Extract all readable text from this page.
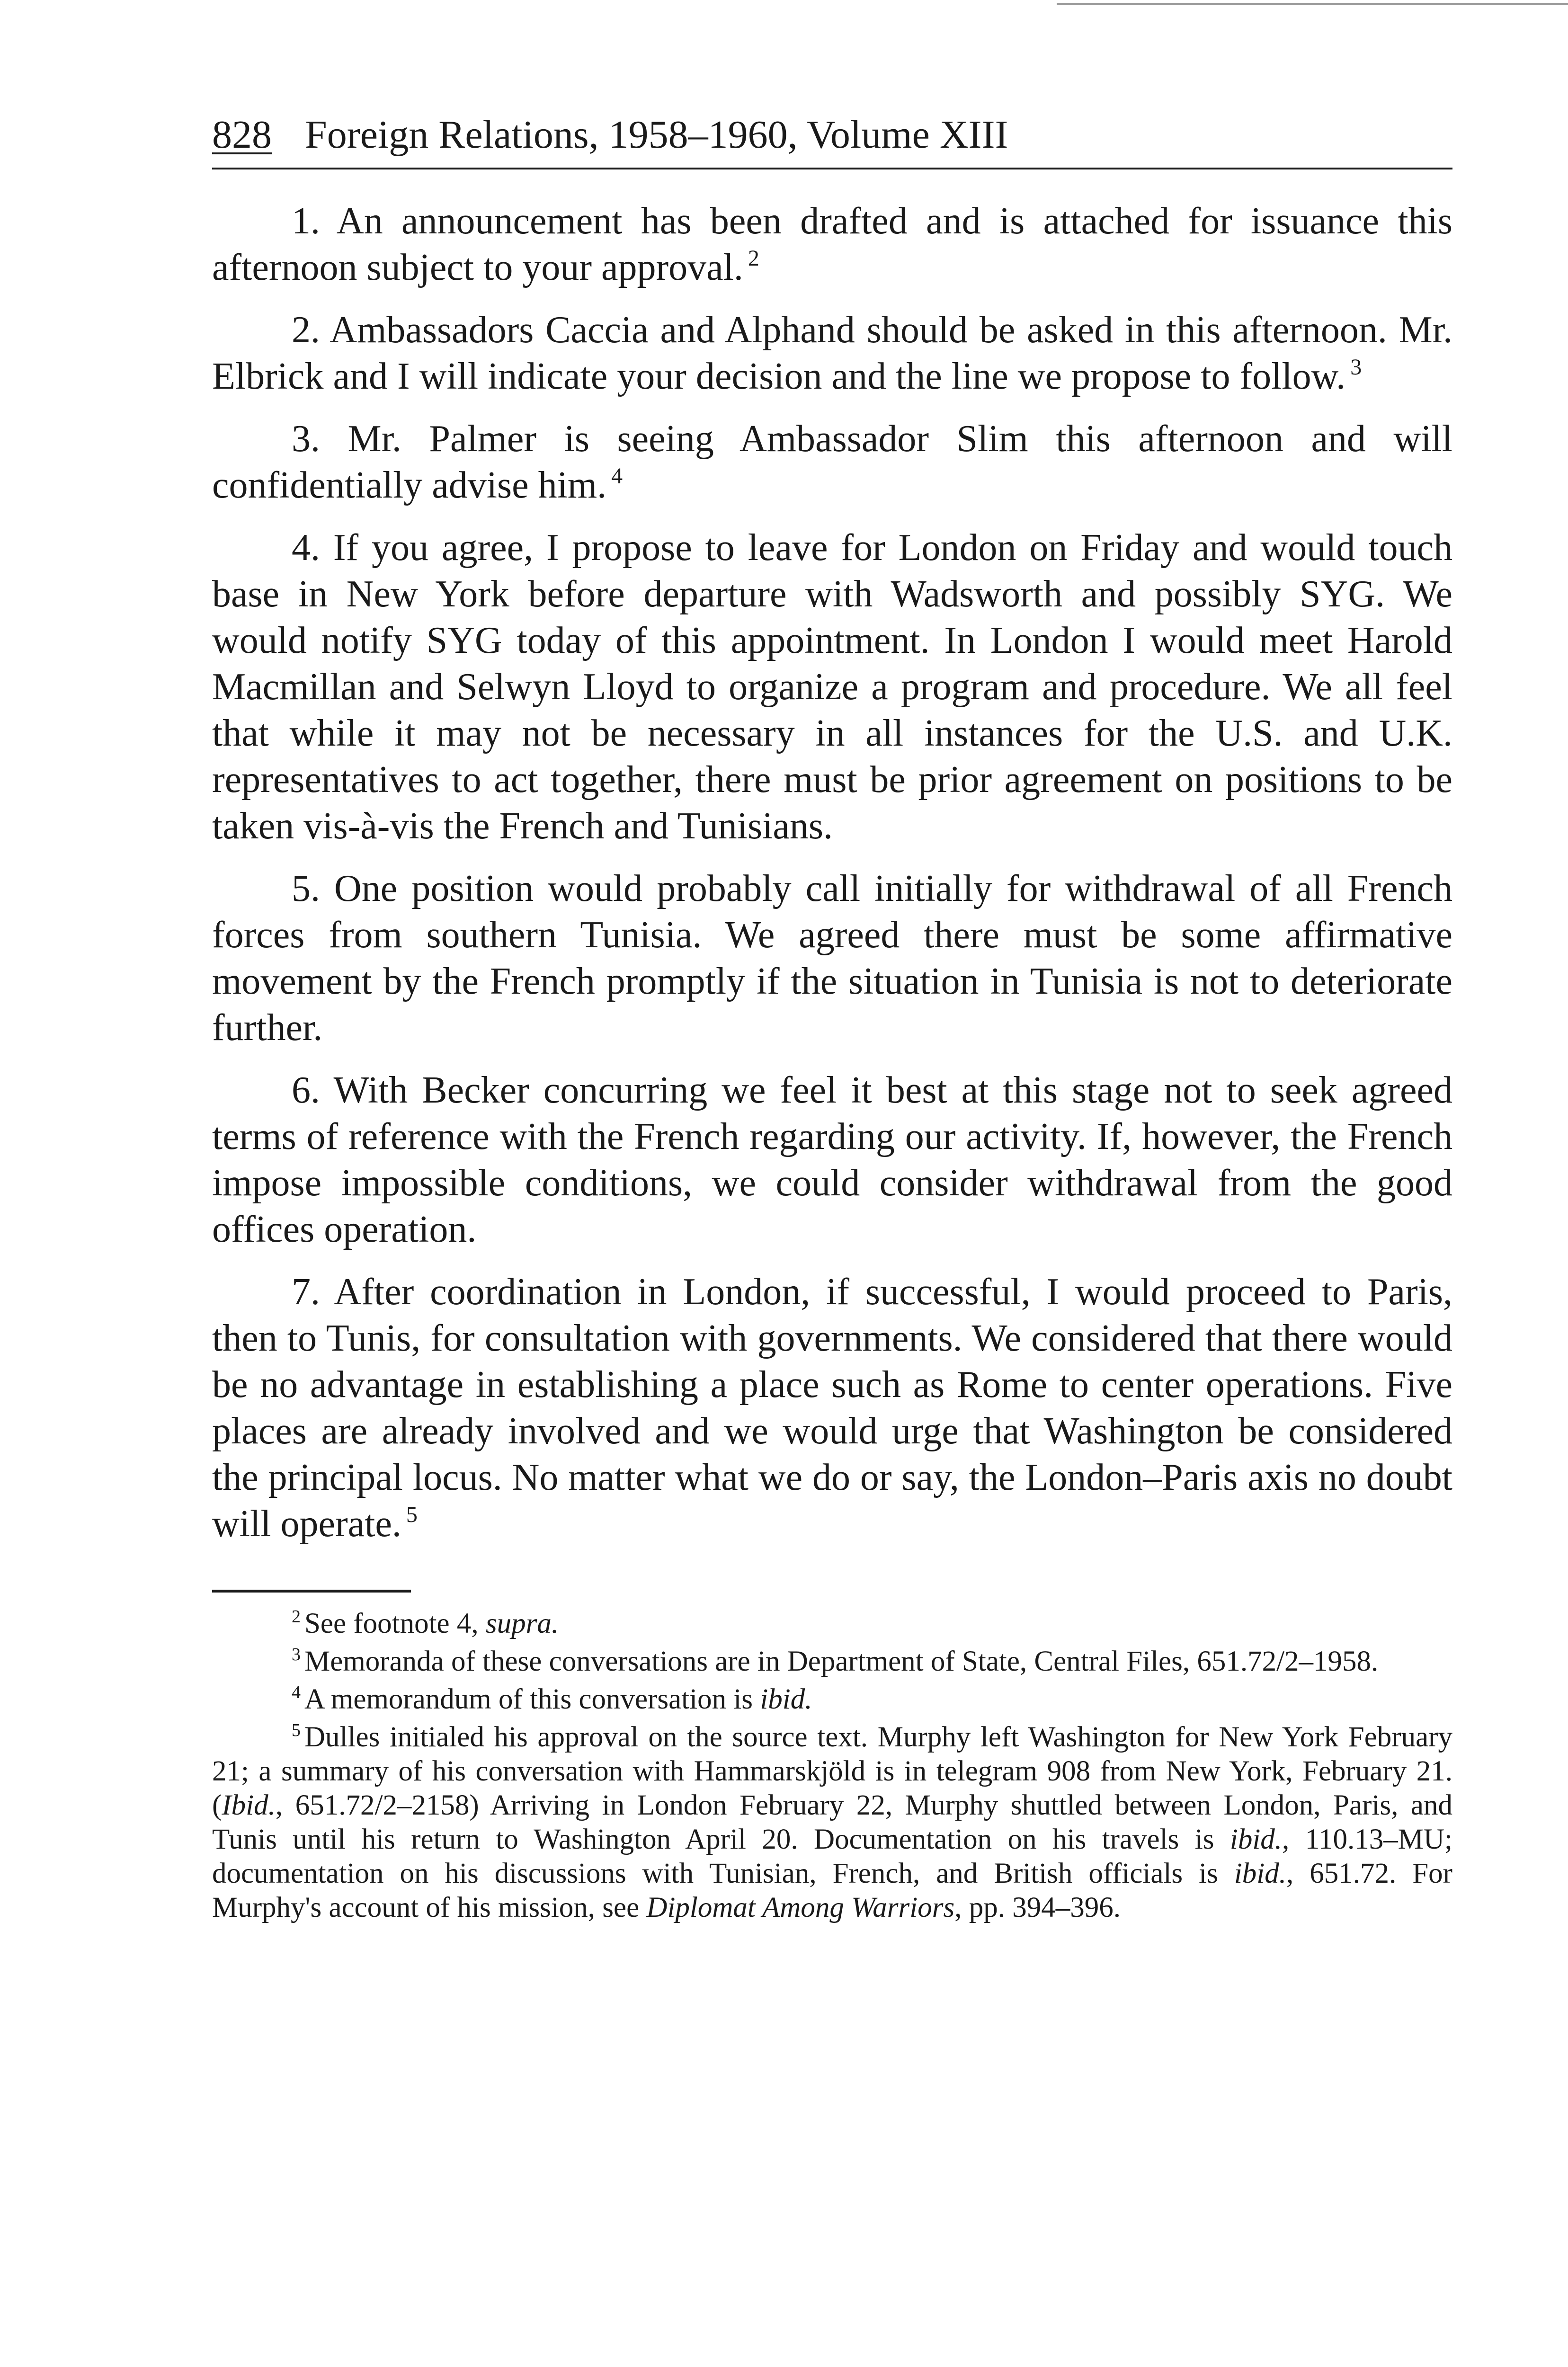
828 Foreign Relations, 1958–1960, Volume XIII

1. An announcement has been drafted and is attached for issuance this afternoon subject to your approval. $^2$

2. Ambassadors Caccia and Alphand should be asked in this afternoon. Mr. Elbrick and I will indicate your decision and the line we propose to follow. $^3$

3. Mr. Palmer is seeing Ambassador Slim this afternoon and will confidentially advise him. $^4$

4. If you agree, I propose to leave for London on Friday and would touch base in New York before departure with Wadsworth and possibly SYG. We would notify SYG today of this appointment. In London I would meet Harold Macmillan and Selwyn Lloyd to organize a program and procedure. We all feel that while it may not be necessary in all instances for the U.S. and U.K. representatives to act together, there must be prior agreement on positions to be taken vis-à-vis the French and Tunisians.

5. One position would probably call initially for withdrawal of all French forces from southern Tunisia. We agreed there must be some affirmative movement by the French promptly if the situation in Tunisia is not to deteriorate further.

6. With Becker concurring we feel it best at this stage not to seek agreed terms of reference with the French regarding our activity. If, however, the French impose impossible conditions, we could consider withdrawal from the good offices operation.

7. After coordination in London, if successful, I would proceed to Paris, then to Tunis, for consultation with governments. We considered that there would be no advantage in establishing a place such as Rome to center operations. Five places are already involved and we would urge that Washington be considered the principal locus. No matter what we do or say, the London–Paris axis no doubt will operate. $^5$

$^2$ See footnote 4, supra.

$^3$ Memoranda of these conversations are in Department of State, Central Files, 651.72/2–1958.

$^4$ A memorandum of this conversation is ibid.

$^5$ Dulles initialed his approval on the source text. Murphy left Washington for New York February 21; a summary of his conversation with Hammarskjöld is in telegram 908 from New York, February 21. (Ibid., 651.72/2–2158) Arriving in London February 22, Murphy shuttled between London, Paris, and Tunis until his return to Washington April 20. Documentation on his travels is ibid., 110.13–MU; documentation on his discussions with Tunisian, French, and British officials is ibid., 651.72. For Murphy's account of his mission, see Diplomat Among Warriors, pp. 394–396.
